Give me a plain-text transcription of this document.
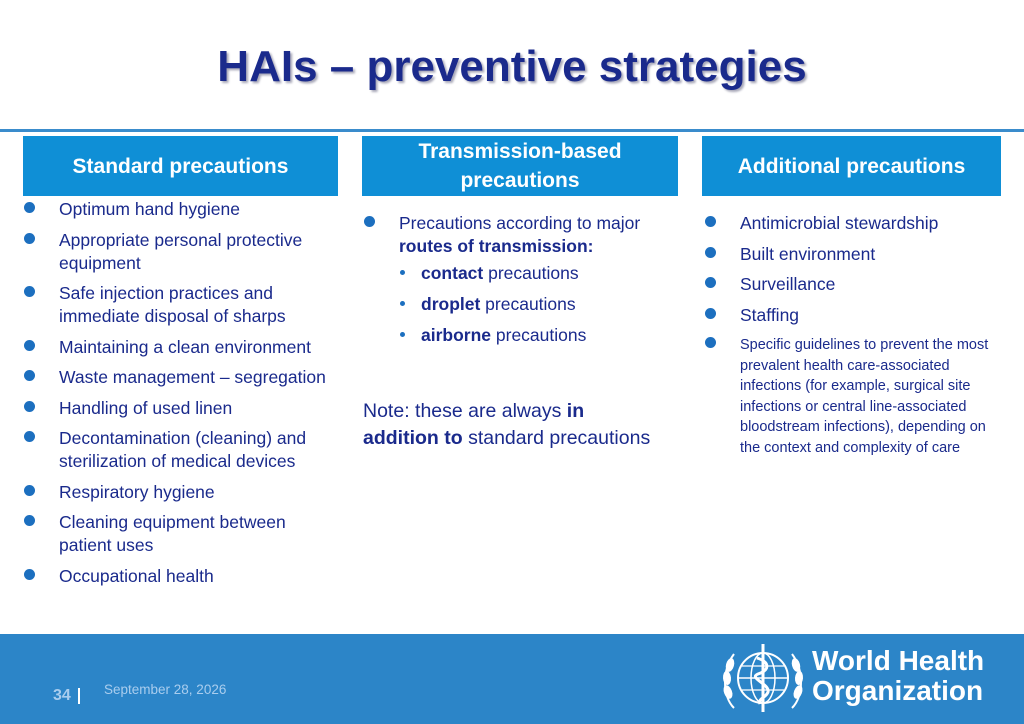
HAIs – preventive strategies
Standard precautions
Transmission-based precautions
Additional precautions
Optimum hand hygiene
Appropriate personal protective equipment
Safe injection practices and immediate disposal of sharps
Maintaining a clean environment
Waste management – segregation
Handling of used linen
Decontamination (cleaning) and sterilization of medical devices
Respiratory hygiene
Cleaning equipment between patient uses
Occupational health
Precautions according to major routes of transmission:
contact precautions
droplet precautions
airborne precautions
Note: these are always in addition to standard precautions
Antimicrobial stewardship
Built environment
Surveillance
Staffing
Specific guidelines to prevent the most prevalent health care-associated infections (for example, surgical site infections or central line-associated bloodstream infections), depending on the context and complexity of care
34 September 28, 2026
World Health
Organization
